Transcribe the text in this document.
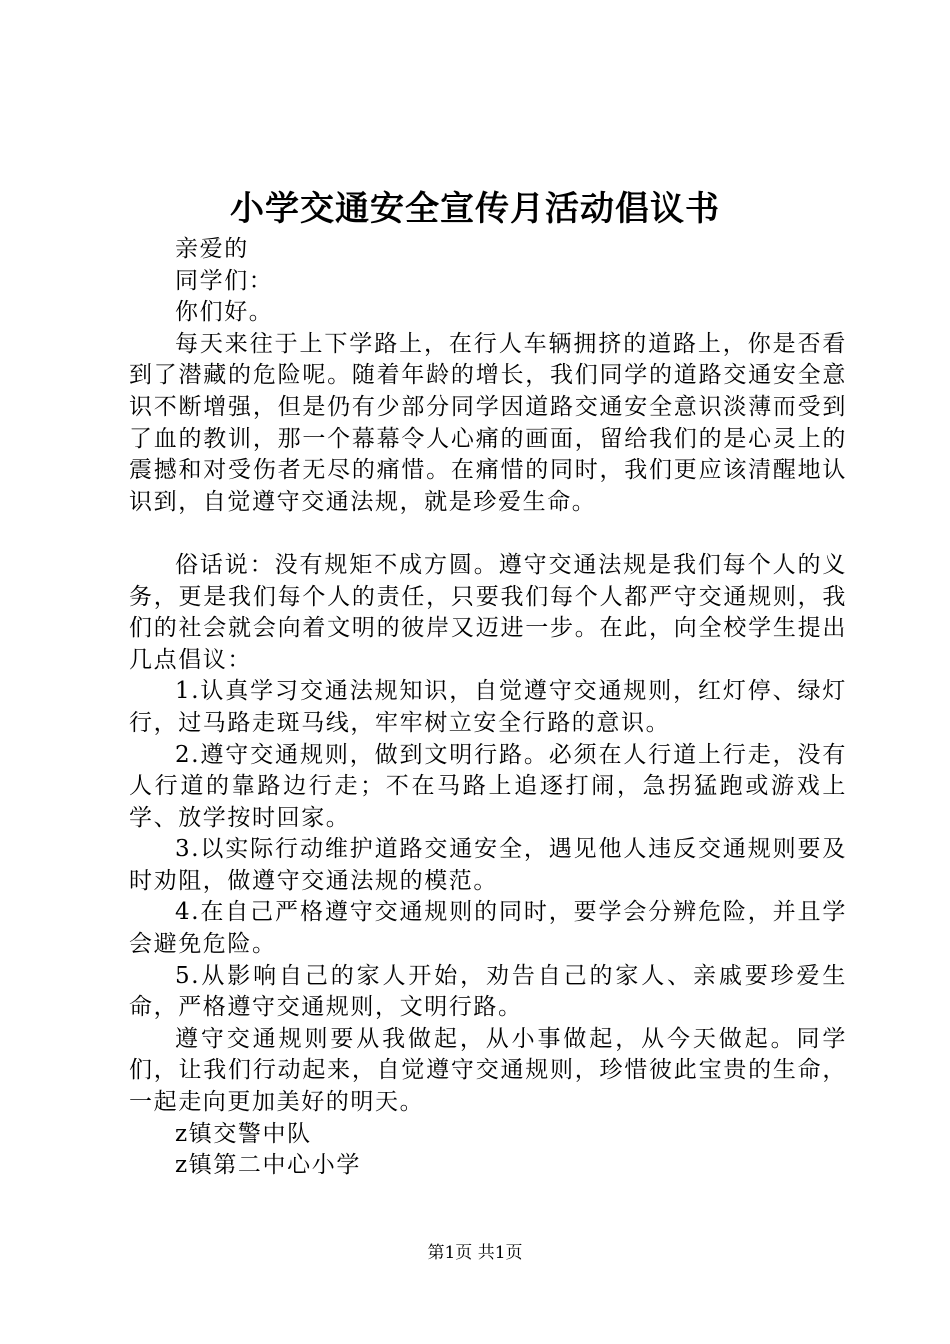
小学交通安全宣传月活动倡议书

亲爱的

同学们：

你们好。

每天来往于上下学路上，在行人车辆拥挤的道路上，你是否看到了潜藏的危险呢。随着年龄的增长，我们同学的道路交通安全意识不断增强，但是仍有少部分同学因道路交通安全意识淡薄而受到了血的教训，那一个幕幕令人心痛的画面，留给我们的是心灵上的震撼和对受伤者无尽的痛惜。在痛惜的同时，我们更应该清醒地认识到，自觉遵守交通法规，就是珍爱生命。

俗话说：没有规矩不成方圆。遵守交通法规是我们每个人的义务，更是我们每个人的责任，只要我们每个人都严守交通规则，我们的社会就会向着文明的彼岸又迈进一步。在此，向全校学生提出几点倡议：

1.认真学习交通法规知识，自觉遵守交通规则，红灯停、绿灯行，过马路走斑马线，牢牢树立安全行路的意识。

2.遵守交通规则，做到文明行路。必须在人行道上行走，没有人行道的靠路边行走；不在马路上追逐打闹，急拐猛跑或游戏上学、放学按时回家。

3.以实际行动维护道路交通安全，遇见他人违反交通规则要及时劝阻，做遵守交通法规的模范。

4.在自己严格遵守交通规则的同时，要学会分辨危险，并且学会避免危险。

5.从影响自己的家人开始，劝告自己的家人、亲戚要珍爱生命，严格遵守交通规则，文明行路。

遵守交通规则要从我做起，从小事做起，从今天做起。同学们，让我们行动起来，自觉遵守交通规则，珍惜彼此宝贵的生命，一起走向更加美好的明天。

z镇交警中队

z镇第二中心小学

第1页 共1页
